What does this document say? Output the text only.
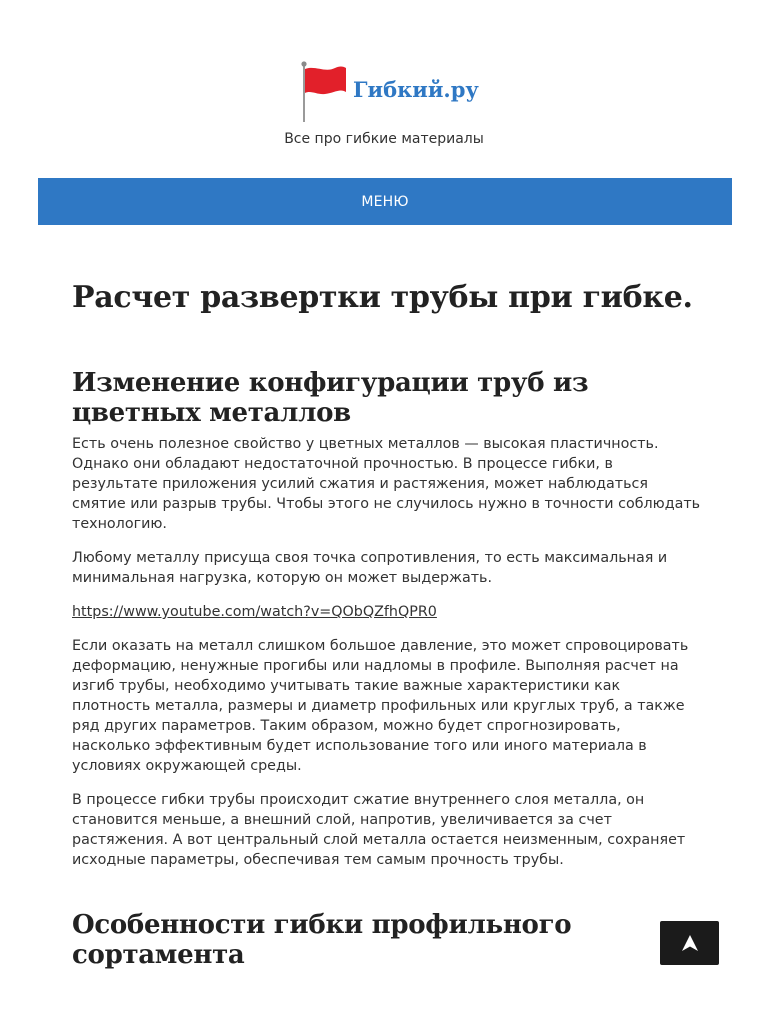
Гибкий.ру
Все про гибкие материалы
МЕНЮ
Расчет развертки трубы при гибке.
Изменение конфигурации труб из цветных металлов

Есть очень полезное свойство у цветных металлов — высокая пластичность. Однако они обладают недостаточной прочностью. В процессе гибки, в результате приложения усилий сжатия и растяжения, может наблюдаться смятие или разрыв трубы. Чтобы этого не случилось нужно в точности соблюдать технологию.

Любому металлу присуща своя точка сопротивления, то есть максимальная и минимальная нагрузка, которую он может выдержать.

https://www.youtube.com/watch?v=QObQZfhQPR0

Если оказать на металл слишком большое давление, это может спровоцировать деформацию, ненужные прогибы или надломы в профиле. Выполняя расчет на изгиб трубы, необходимо учитывать такие важные характеристики как плотность металла, размеры и диаметр профильных или круглых труб, а также ряд других параметров. Таким образом, можно будет спрогнозировать, насколько эффективным будет использование того или иного материала в условиях окружающей среды.

В процессе гибки трубы происходит сжатие внутреннего слоя металла, он становится меньше, а внешний слой, напротив, увеличивается за счет растяжения. А вот центральный слой металла остается неизменным, сохраняет исходные параметры, обеспечивая тем самым прочность трубы.

Особенности гибки профильного сортамента
